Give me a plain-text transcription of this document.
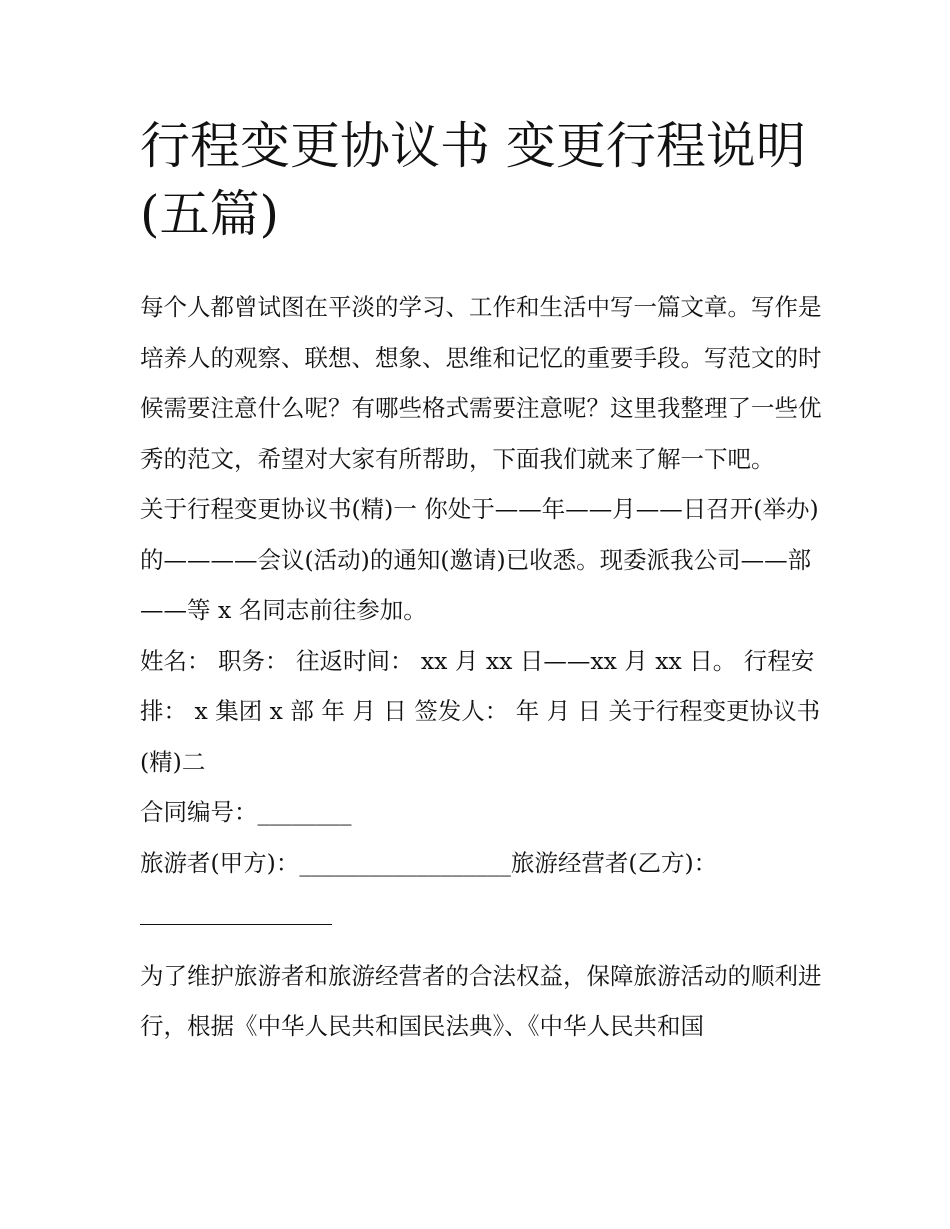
行程变更协议书 变更行程说明(五篇)

每个人都曾试图在平淡的学习、工作和生活中写一篇文章。写作是培养人的观察、联想、想象、思维和记忆的重要手段。写范文的时候需要注意什么呢？有哪些格式需要注意呢？这里我整理了一些优秀的范文，希望对大家有所帮助，下面我们就来了解一下吧。

关于行程变更协议书(精)一 你处于——年——月——日召开(举办)的————会议(活动)的通知(邀请)已收悉。现委派我公司——部——等 x 名同志前往参加。

姓名： 职务： 往返时间： xx 月 xx 日——xx 月 xx 日。 行程安排： x 集团 x 部 年 月 日 签发人： 年 月 日 关于行程变更协议书(精)二

合同编号：________

旅游者(甲方)：__________________旅游经营者(乙方)：

为了维护旅游者和旅游经营者的合法权益，保障旅游活动的顺利进行，根据《中华人民共和国民法典》、《中华人民共和国
